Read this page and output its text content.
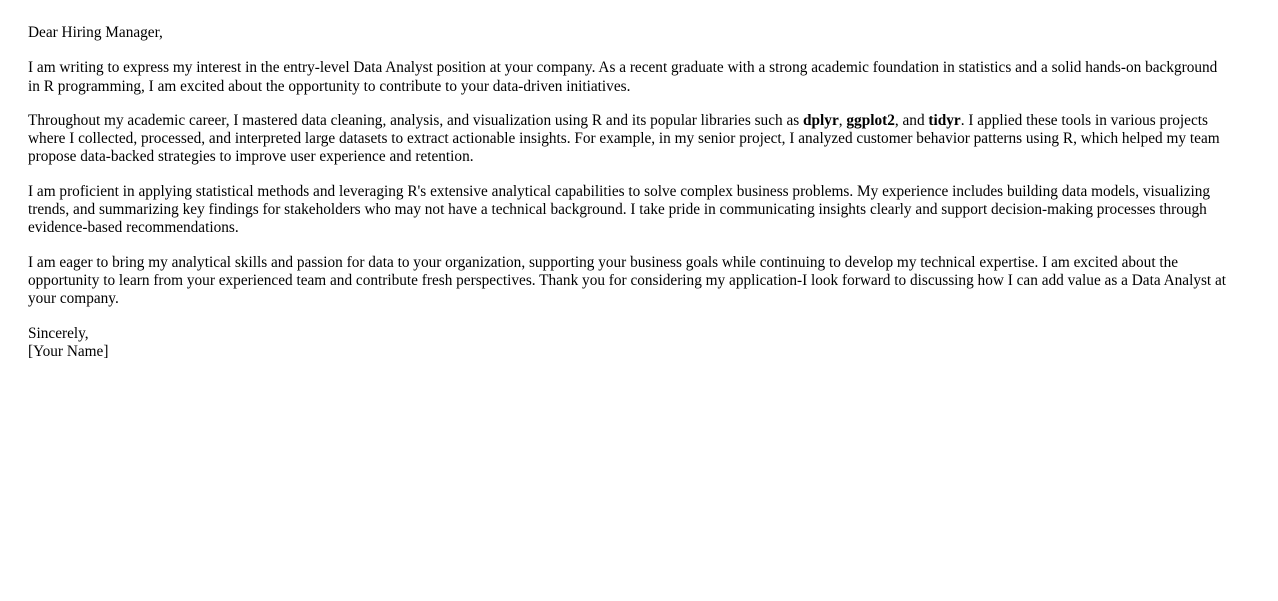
Dear Hiring Manager,

I am writing to express my interest in the entry-level Data Analyst position at your company. As a recent graduate with a strong academic foundation in statistics and a solid hands-on background in R programming, I am excited about the opportunity to contribute to your data-driven initiatives.

Throughout my academic career, I mastered data cleaning, analysis, and visualization using R and its popular libraries such as dplyr, ggplot2, and tidyr. I applied these tools in various projects where I collected, processed, and interpreted large datasets to extract actionable insights. For example, in my senior project, I analyzed customer behavior patterns using R, which helped my team propose data-backed strategies to improve user experience and retention.

I am proficient in applying statistical methods and leveraging R's extensive analytical capabilities to solve complex business problems. My experience includes building data models, visualizing trends, and summarizing key findings for stakeholders who may not have a technical background. I take pride in communicating insights clearly and support decision-making processes through evidence-based recommendations.

I am eager to bring my analytical skills and passion for data to your organization, supporting your business goals while continuing to develop my technical expertise. I am excited about the opportunity to learn from your experienced team and contribute fresh perspectives. Thank you for considering my application-I look forward to discussing how I can add value as a Data Analyst at your company.

Sincerely,
[Your Name]
